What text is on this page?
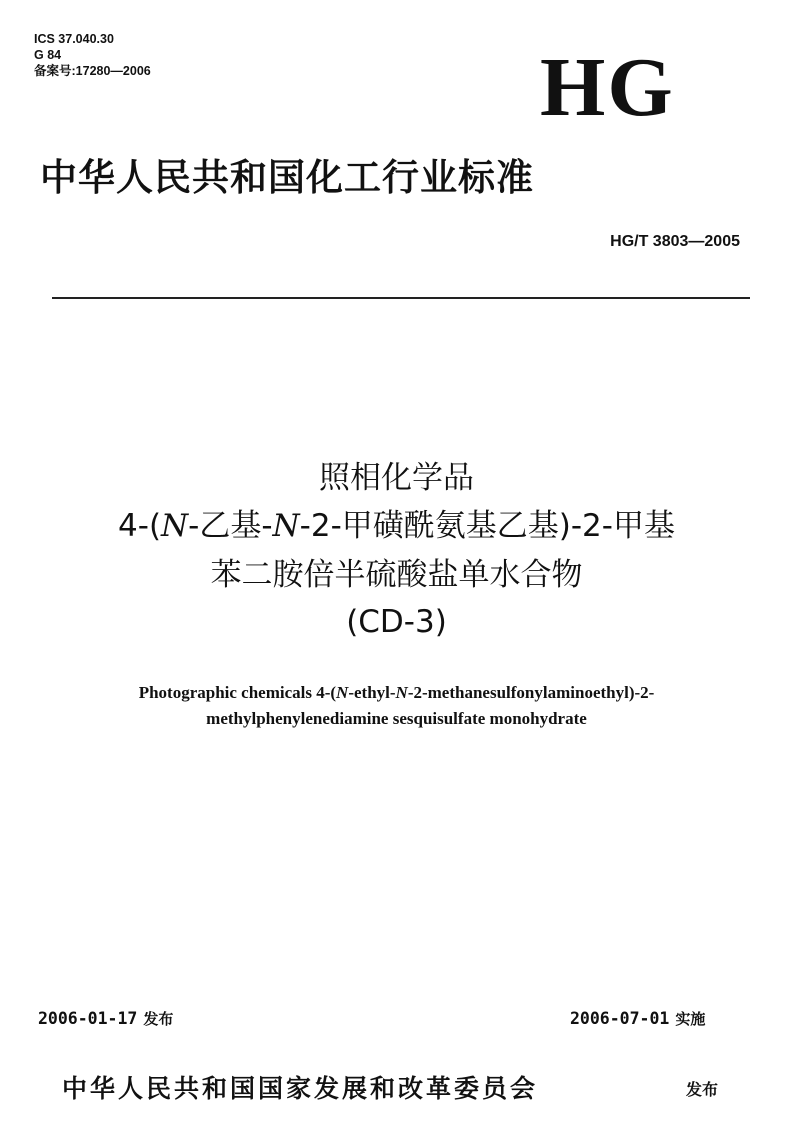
ICS 37.040.30
G 84
备案号:17280—2006	HG
中华人民共和国化工行业标准
HG/T 3803—2005
照相化学品
4-(N-乙基-N-2-甲磺酰氨基乙基)-2-甲基
苯二胺倍半硫酸盐单水合物
(CD-3)
Photographic chemicals 4-(N-ethyl-N-2-methanesulfonylaminoethyl)-2-
methylphenylenediamine sesquisulfate monohydrate
2006-01-17 发布	2006-07-01 实施
中华人民共和国国家发展和改革委员会	发布
